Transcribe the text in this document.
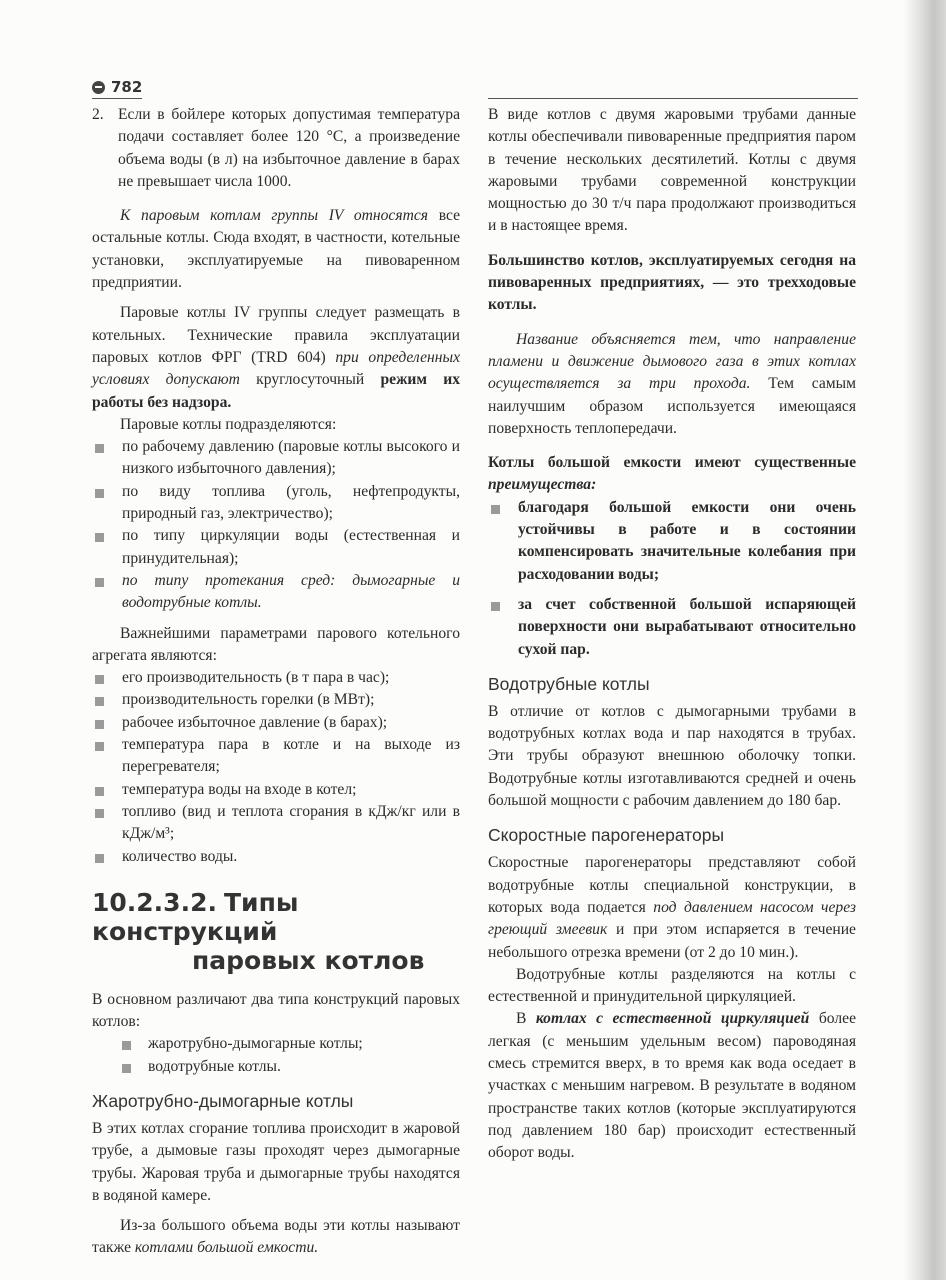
782
2. Если в бойлере которых допустимая температура подачи составляет более 120 °С, а произведение объема воды (в л) на избыточное давление в барах не превышает числа 1000.

К паровым котлам группы IV относятся все остальные котлы. Сюда входят, в частности, котельные установки, эксплуатируемые на пивоваренном предприятии.

Паровые котлы IV группы следует размещать в котельных. Технические правила эксплуатации паровых котлов ФРГ (TRD 604) при определенных условиях допускают круглосуточный режим их работы без надзора.

Паровые котлы подразделяются:

по рабочему давлению (паровые котлы высокого и низкого избыточного давления);
по виду топлива (уголь, нефтепродукты, природный газ, электричество);
по типу циркуляции воды (естественная и принудительная);
по типу протекания сред: дымогарные и водотрубные котлы.

Важнейшими параметрами парового котельного агрегата являются:

его производительность (в т пара в час);
производительность горелки (в МВт);
рабочее избыточное давление (в барах);
температура пара в котле и на выходе из перегревателя;
температура воды на входе в котел;
топливо (вид и теплота сгорания в кДж/кг или в кДж/м³;
количество воды.
10.2.3.2. Типы конструкций
паровых котлов

В основном различают два типа конструкций паровых котлов:

жаротрубно-дымогарные котлы;
водотрубные котлы.
Жаротрубно-дымогарные котлы

В этих котлах сгорание топлива происходит в жаровой трубе, а дымовые газы проходят через дымогарные трубы. Жаровая труба и дымогарные трубы находятся в водяной камере.

Из-за большого объема воды эти котлы называют также котлами большой емкости.

В виде котлов с двумя жаровыми трубами данные котлы обеспечивали пивоваренные предприятия паром в течение нескольких десятилетий. Котлы с двумя жаровыми трубами современной конструкции мощностью до 30 т/ч пара продолжают производиться и в настоящее время.

Большинство котлов, эксплуатируемых сегодня на пивоваренных предприятиях, — это трехходовые котлы.

Название объясняется тем, что направление пламени и движение дымового газа в этих котлах осуществляется за три прохода. Тем самым наилучшим образом используется имеющаяся поверхность теплопередачи.

Котлы большой емкости имеют существенные преимущества:

благодаря большой емкости они очень устойчивы в работе и в состоянии компенсировать значительные колебания при расходовании воды;
за счет собственной большой испаряющей поверхности они вырабатывают относительно сухой пар.
Водотрубные котлы

В отличие от котлов с дымогарными трубами в водотрубных котлах вода и пар находятся в трубах. Эти трубы образуют внешнюю оболочку топки. Водотрубные котлы изготавливаются средней и очень большой мощности с рабочим давлением до 180 бар.

Скоростные парогенераторы

Скоростные парогенераторы представляют собой водотрубные котлы специальной конструкции, в которых вода подается под давлением насосом через греющий змеевик и при этом испаряется в течение небольшого отрезка времени (от 2 до 10 мин.).

Водотрубные котлы разделяются на котлы с естественной и принудительной циркуляцией.

В котлах с естественной циркуляцией более легкая (с меньшим удельным весом) пароводяная смесь стремится вверх, в то время как вода оседает в участках с меньшим нагревом. В результате в водяном пространстве таких котлов (которые эксплуатируются под давлением 180 бар) происходит естественный оборот воды.
